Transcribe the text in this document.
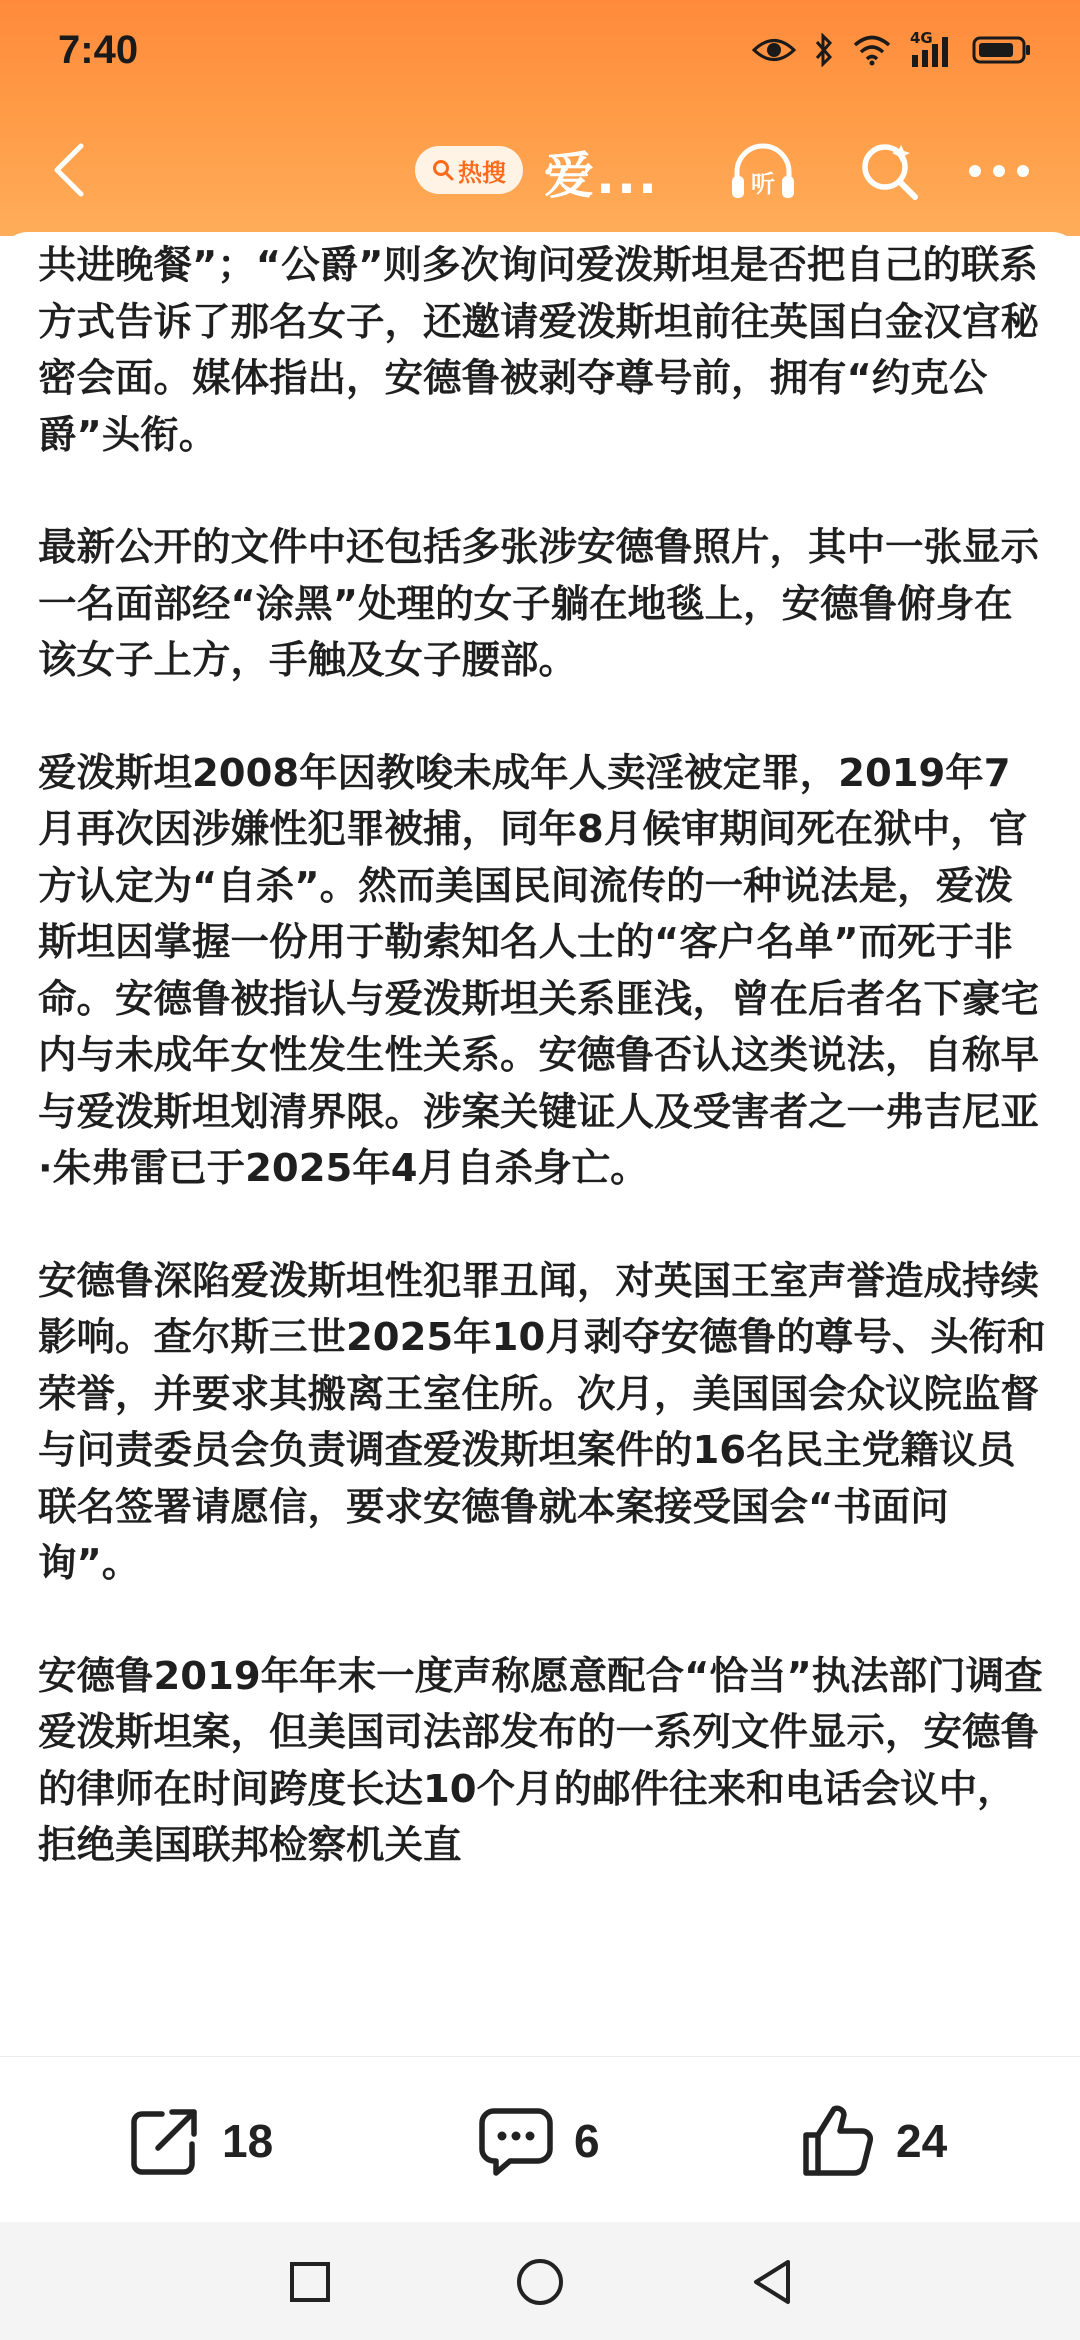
7:40	4G
热搜 爱...	听

共进晚餐”；“公爵”则多次询问爱泼斯坦是否把自己的联系方式告诉了那名女子，还邀请爱泼斯坦前往英国白金汉宫秘密会面。媒体指出，安德鲁被剥夺尊号前，拥有“约克公爵”头衔。

最新公开的文件中还包括多张涉安德鲁照片，其中一张显示一名面部经“涂黑”处理的女子躺在地毯上，安德鲁俯身在该女子上方，手触及女子腰部。

爱泼斯坦2008年因教唆未成年人卖淫被定罪，2019年7月再次因涉嫌性犯罪被捕，同年8月候审期间死在狱中，官方认定为“自杀”。然而美国民间流传的一种说法是，爱泼斯坦因掌握一份用于勒索知名人士的“客户名单”而死于非命。安德鲁被指认与爱泼斯坦关系匪浅，曾在后者名下豪宅内与未成年女性发生性关系。安德鲁否认这类说法，自称早与爱泼斯坦划清界限。涉案关键证人及受害者之一弗吉尼亚·朱弗雷已于2025年4月自杀身亡。

安德鲁深陷爱泼斯坦性犯罪丑闻，对英国王室声誉造成持续影响。查尔斯三世2025年10月剥夺安德鲁的尊号、头衔和荣誉，并要求其搬离王室住所。次月，美国国会众议院监督与问责委员会负责调查爱泼斯坦案件的16名民主党籍议员联名签署请愿信，要求安德鲁就本案接受国会“书面问询”。

安德鲁2019年年末一度声称愿意配合“恰当”执法部门调查爱泼斯坦案，但美国司法部发布的一系列文件显示，安德鲁的律师在时间跨度长达10个月的邮件往来和电话会议中，拒绝美国联邦检察机关直

18	6	24
